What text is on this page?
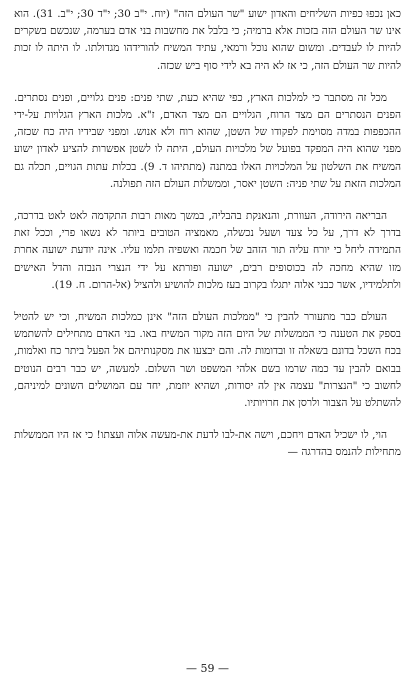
כאן נכפוּ כפיות השליחים והאדון ישוע "שר העולם הזה" (יוח. י"ב 30; י"ד 30; י"ב. 31). הוא אינו שר העולם הזה בזכות אלא ברמיה; כי בלבל את מחשבות בני אדם בערמה, שנכשם בשקרים להיות לו לעבדים. ומשום שהוא נוכל ורמאי, עתיד המשיח להורידהו מגדולתו. לו היתה לו זכות להיות שר העולם הזה, כי אז לא היה בא לידי סוף ביש שכזה.

מכל זה מסתבר כי למלכות הארץ, כפי שהיא כעת, שתי פנים: פנים גלויים, ופנים נסתרים. הפנים הנסתרים הם מצד הרוח, הגלויים הם מצד האדם, ז"א. מלכות הארץ הגלויות על-ידי ההכפפות במדה מסוימת לפקודו של השטן, שהוא רוח ולא אנוש. ומפני שבידיו היה כח שכזה, מפני שהוא היה המפקד בפועל של מלכויות העולם, היתה לו לשטן אפשרות להציע לאדון ישוע המשיח את השלטון על המלכויות האלו במתנה (מתתיהו ד. 9). בכלות עתות הגויים, תכלה גם המלכות הזאת על שתי פניה: השטן יאסר, וממשלות העולם הזה תפולנה.

הבריאה הירודה, העוורת, והנאנקת בהבליה, במשך מאות רבות התקדמה לאט לאט בדרכה, בדרך לא דרך, על כל צעד ושעל נכשלה, מאמציה הטובים ביותר לא נשאו פרי, וככל זאת התמידה ליחל כי יורח עליה תור הזהב של חכמה ואשפיה תלמו עליו. אינה יודעת ישועה אחרת מזו שהיא מחכה לה בכוסופים רבים, ישועה ופורתא על ידי הנצרי הנבזה והדל האישים ולתלמידיו, אשר כבני אלוה יתגלו בקרוב בעז מלכות להושיע ולהציל (אל-הרום. ח. 19).

העולם כבר מתעורר להבין כי "ממלכות העולם הזה" אינן כמלכות המשיח, וכי יש להטיל בספק את הטענה כי הממשלות של היום הזה מקור המשיח באו. בני האדם מתחילים להשתמש בכח השכל בדונם בשאלה זו ובדומות לה. והם יבצעו את מסקנותיהם אל הפעל ביתר כח ואלמות, בבואם להבין עד כמה שרמו בשם אלהי המשפט ושר השלום. למעשה, יש כבר רבים הנוטים לחשוב כי "הנצרות" עצמה אין לה יסודות, ושהיא יוזמת, יחד עם המושלים השונים למיניהם, להשתלט על הצבור ולרסן את חרויותיו.

הוי, לו ישכיל האדם ויחכם, וישה את-לבו לדעת את-מעשה אלוה ועצתו! כי אז היו הממשלות מתחילות להנמס בהדרגה —

— 59 —
